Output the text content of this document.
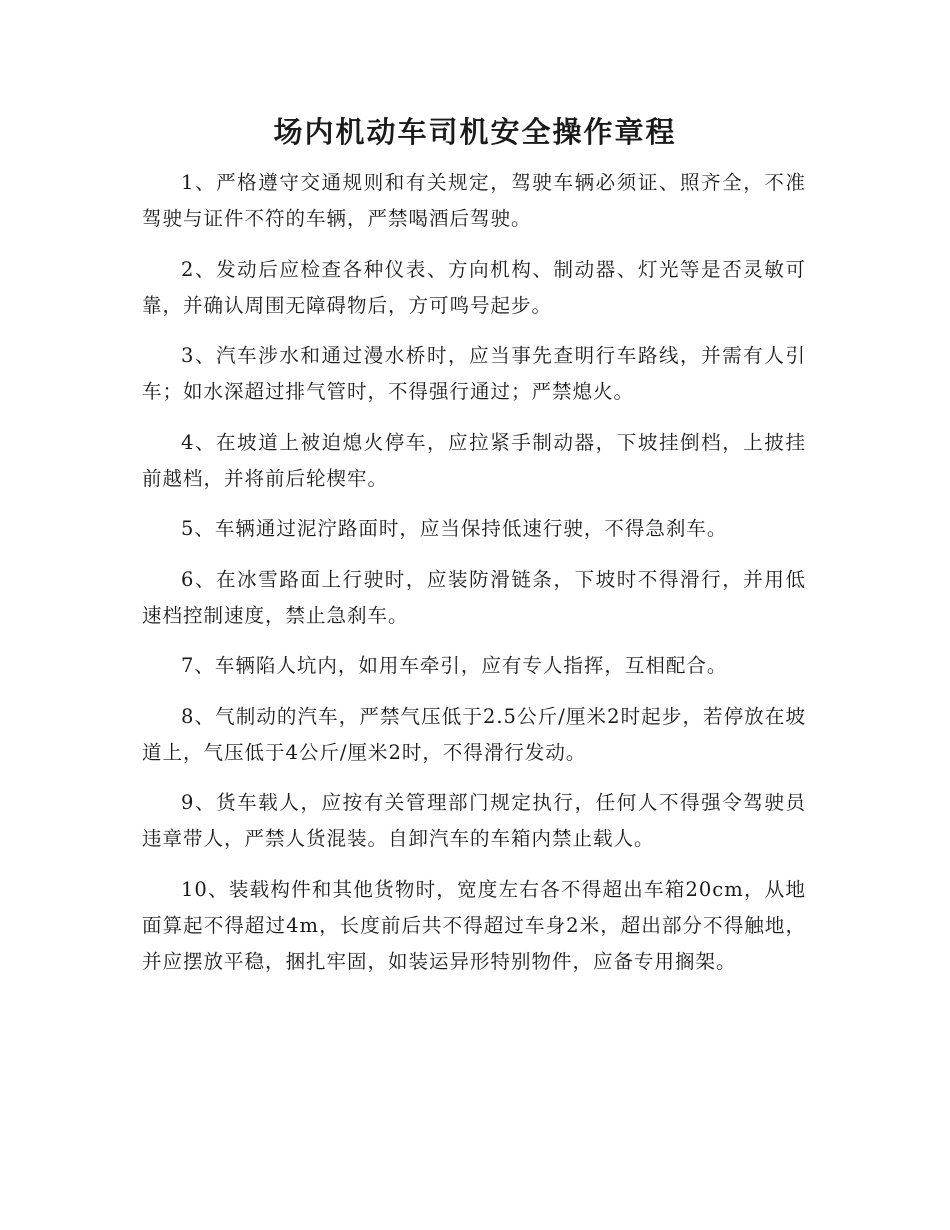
场内机动车司机安全操作章程

1、严格遵守交通规则和有关规定，驾驶车辆必须证、照齐全，不准驾驶与证件不符的车辆，严禁喝酒后驾驶。

2、发动后应检查各种仪表、方向机构、制动器、灯光等是否灵敏可靠，并确认周围无障碍物后，方可鸣号起步。

3、汽车涉水和通过漫水桥时，应当事先查明行车路线，并需有人引车；如水深超过排气管时，不得强行通过；严禁熄火。

4、在坡道上被迫熄火停车，应拉紧手制动器，下坡挂倒档，上披挂前越档，并将前后轮楔牢。

5、车辆通过泥泞路面时，应当保持低速行驶，不得急刹车。

6、在冰雪路面上行驶时，应装防滑链条，下坡时不得滑行，并用低速档控制速度，禁止急刹车。

7、车辆陷人坑内，如用车牵引，应有专人指挥，互相配合。

8、气制动的汽车，严禁气压低于2.5公斤/厘米2时起步，若停放在坡道上，气压低于4公斤/厘米2时，不得滑行发动。

9、货车载人，应按有关管理部门规定执行，任何人不得强令驾驶员违章带人，严禁人货混装。自卸汽车的车箱内禁止载人。

10、装载构件和其他货物时，宽度左右各不得超出车箱20cm，从地面算起不得超过4m，长度前后共不得超过车身2米，超出部分不得触地，并应摆放平稳，捆扎牢固，如装运异形特别物件，应备专用搁架。
